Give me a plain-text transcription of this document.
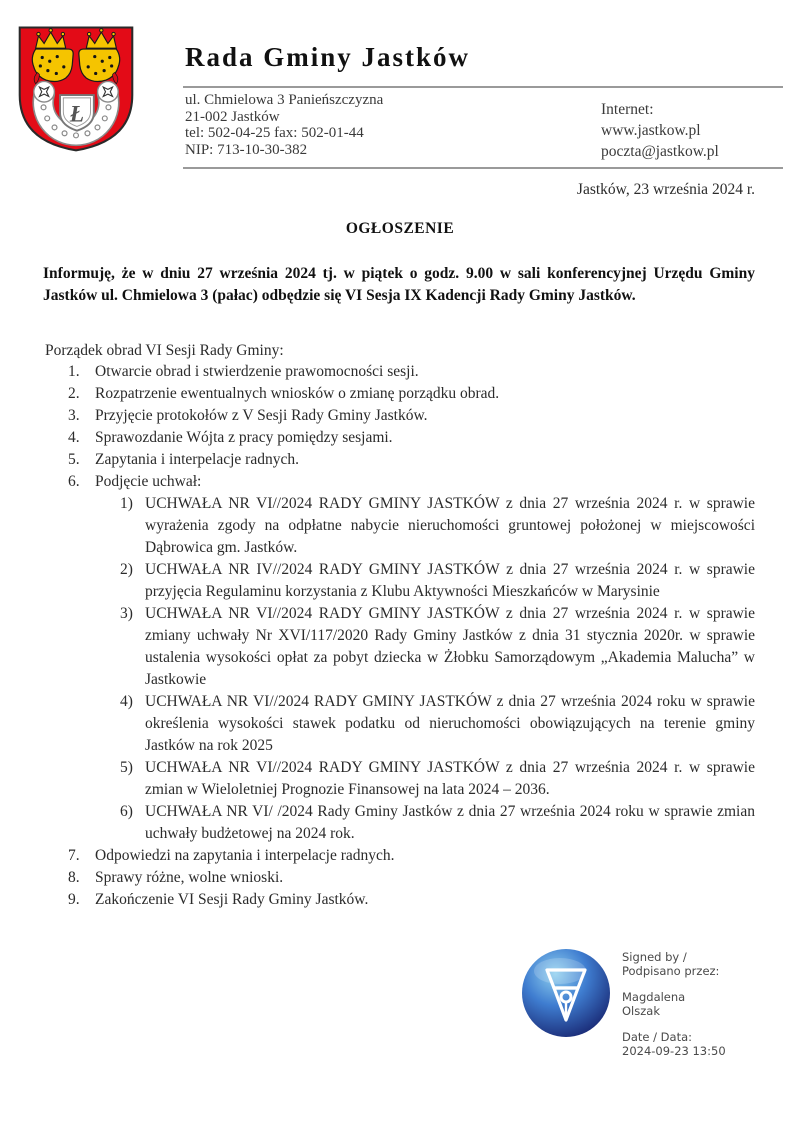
Ł
Rada Gminy Jastków
ul. Chmielowa 3 Panieńszczyzna
21-002 Jastków
tel: 502-04-25 fax: 502-01-44
NIP: 713-10-30-382
Internet:
www.jastkow.pl
poczta@jastkow.pl
Jastków, 23 września 2024 r.
OGŁOSZENIE

Informuję, że w dniu 27 września 2024 tj. w piątek o godz. 9.00 w sali konferencyjnej Urzędu Gminy Jastków ul. Chmielowa 3 (pałac) odbędzie się VI Sesja IX Kadencji Rady Gminy Jastków.

Porządek obrad VI Sesji Rady Gminy:
1. Otwarcie obrad i stwierdzenie prawomocności sesji.
2. Rozpatrzenie ewentualnych wniosków o zmianę porządku obrad.
3. Przyjęcie protokołów z V Sesji Rady Gminy Jastków.
4. Sprawozdanie Wójta z pracy pomiędzy sesjami.
5. Zapytania i interpelacje radnych.
6. Podjęcie uchwał:
1) UCHWAŁA NR VI//2024 RADY GMINY JASTKÓW z dnia 27 września 2024 r. w sprawie wyrażenia zgody na odpłatne nabycie nieruchomości gruntowej położonej w miejscowości Dąbrowica gm. Jastków.
2) UCHWAŁA NR IV//2024 RADY GMINY JASTKÓW z dnia 27 września 2024 r. w sprawie przyjęcia Regulaminu korzystania z Klubu Aktywności Mieszkańców w Marysinie
3) UCHWAŁA NR VI//2024 RADY GMINY JASTKÓW z dnia 27 września 2024 r. w sprawie zmiany uchwały Nr XVI/117/2020 Rady Gminy Jastków z dnia 31 stycznia 2020r. w sprawie ustalenia wysokości opłat za pobyt dziecka w Żłobku Samorządowym „Akademia Malucha” w Jastkowie
4) UCHWAŁA NR VI//2024 RADY GMINY JASTKÓW z dnia 27 września 2024 roku w sprawie określenia wysokości stawek podatku od nieruchomości obowiązujących na terenie gminy Jastków na rok 2025
5) UCHWAŁA NR VI//2024 RADY GMINY JASTKÓW z dnia 27 września 2024 r. w sprawie zmian w Wieloletniej Prognozie Finansowej na lata 2024 – 2036.
6) UCHWAŁA NR VI/ /2024 Rady Gminy Jastków z dnia 27 września 2024 roku w sprawie zmian uchwały budżetowej na 2024 rok.
7. Odpowiedzi na zapytania i interpelacje radnych.
8. Sprawy różne, wolne wnioski.
9. Zakończenie VI Sesji Rady Gminy Jastków.
Signed by /
Podpisano przez:
Magdalena
Olszak
Date / Data:
2024-09-23 13:50
